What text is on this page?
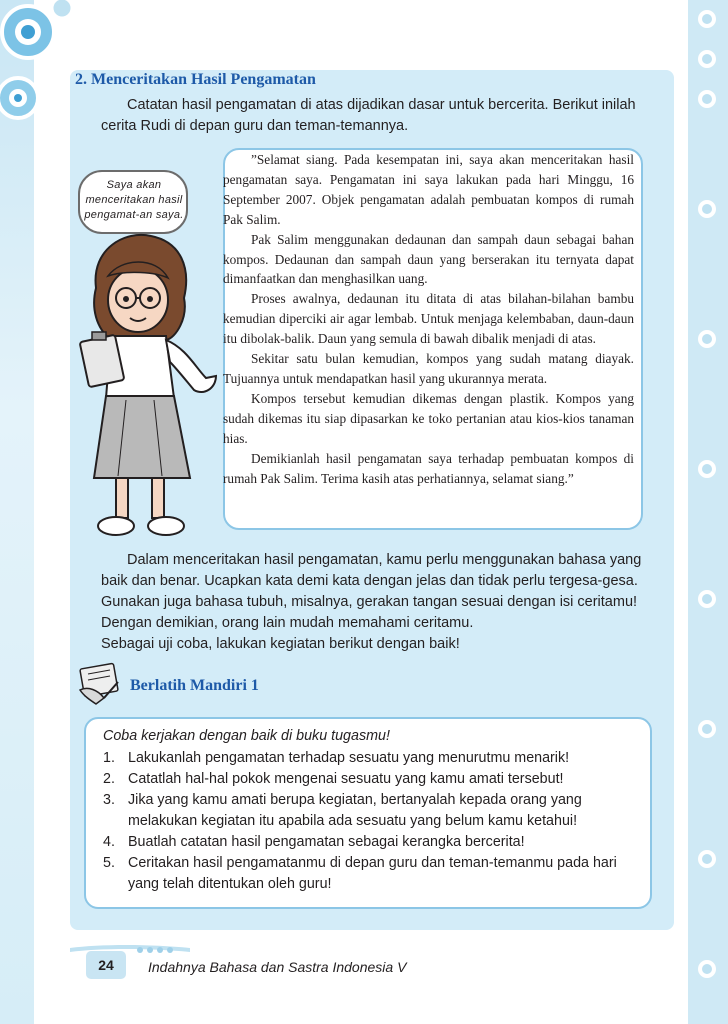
2. Menceritakan Hasil Pengamatan
Catatan hasil pengamatan di atas dijadikan dasar untuk bercerita. Berikut inilah
cerita Rudi di depan guru dan teman-temannya.
Saya akan menceritakan hasil pengamat-an saya.

”Selamat siang. Pada kesempatan ini, saya akan menceritakan hasil pengamatan saya. Pengamatan ini saya lakukan pada hari Minggu, 16 September 2007. Objek pengamatan adalah pembuatan kompos di rumah Pak Salim.

Pak Salim menggunakan dedaunan dan sampah daun sebagai bahan kompos. Dedaunan dan sampah daun yang berserakan itu ternyata dapat dimanfaatkan dan menghasilkan uang.

Proses awalnya, dedaunan itu ditata di atas bilahan-bilahan bambu kemudian diperciki air agar lembab. Untuk menjaga kelembaban, daun-daun itu dibolak-balik. Daun yang semula di bawah dibalik menjadi di atas.

Sekitar satu bulan kemudian, kompos yang sudah matang diayak. Tujuannya untuk mendapatkan hasil yang ukurannya merata.

Kompos tersebut kemudian dikemas dengan plastik. Kompos yang sudah dikemas itu siap dipasarkan ke toko pertanian atau kios-kios tanaman hias.

Demikianlah hasil pengamatan saya terhadap pembuatan kompos di rumah Pak Salim. Terima kasih atas perhatiannya, selamat siang.”

Dalam menceritakan hasil pengamatan, kamu perlu menggunakan bahasa yang
baik dan benar. Ucapkan kata demi kata dengan jelas dan tidak perlu tergesa-gesa.
Gunakan juga bahasa tubuh, misalnya, gerakan tangan sesuai dengan isi ceritamu!
Dengan demikian, orang lain mudah memahami ceritamu.
Sebagai uji coba, lakukan kegiatan berikut dengan baik!
Berlatih Mandiri 1
Coba kerjakan dengan baik di buku tugasmu!
1. Lakukanlah pengamatan terhadap sesuatu yang menurutmu menarik!
2. Catatlah hal-hal pokok mengenai sesuatu yang kamu amati tersebut!
3. Jika yang kamu amati berupa kegiatan, bertanyalah kepada orang yang melakukan kegiatan itu apabila ada sesuatu yang belum kamu ketahui!
4. Buatlah catatan hasil pengamatan sebagai kerangka bercerita!
5. Ceritakan hasil pengamatanmu di depan guru dan teman-temanmu pada hari yang telah ditentukan oleh guru!
24	Indahnya Bahasa dan Sastra Indonesia V
